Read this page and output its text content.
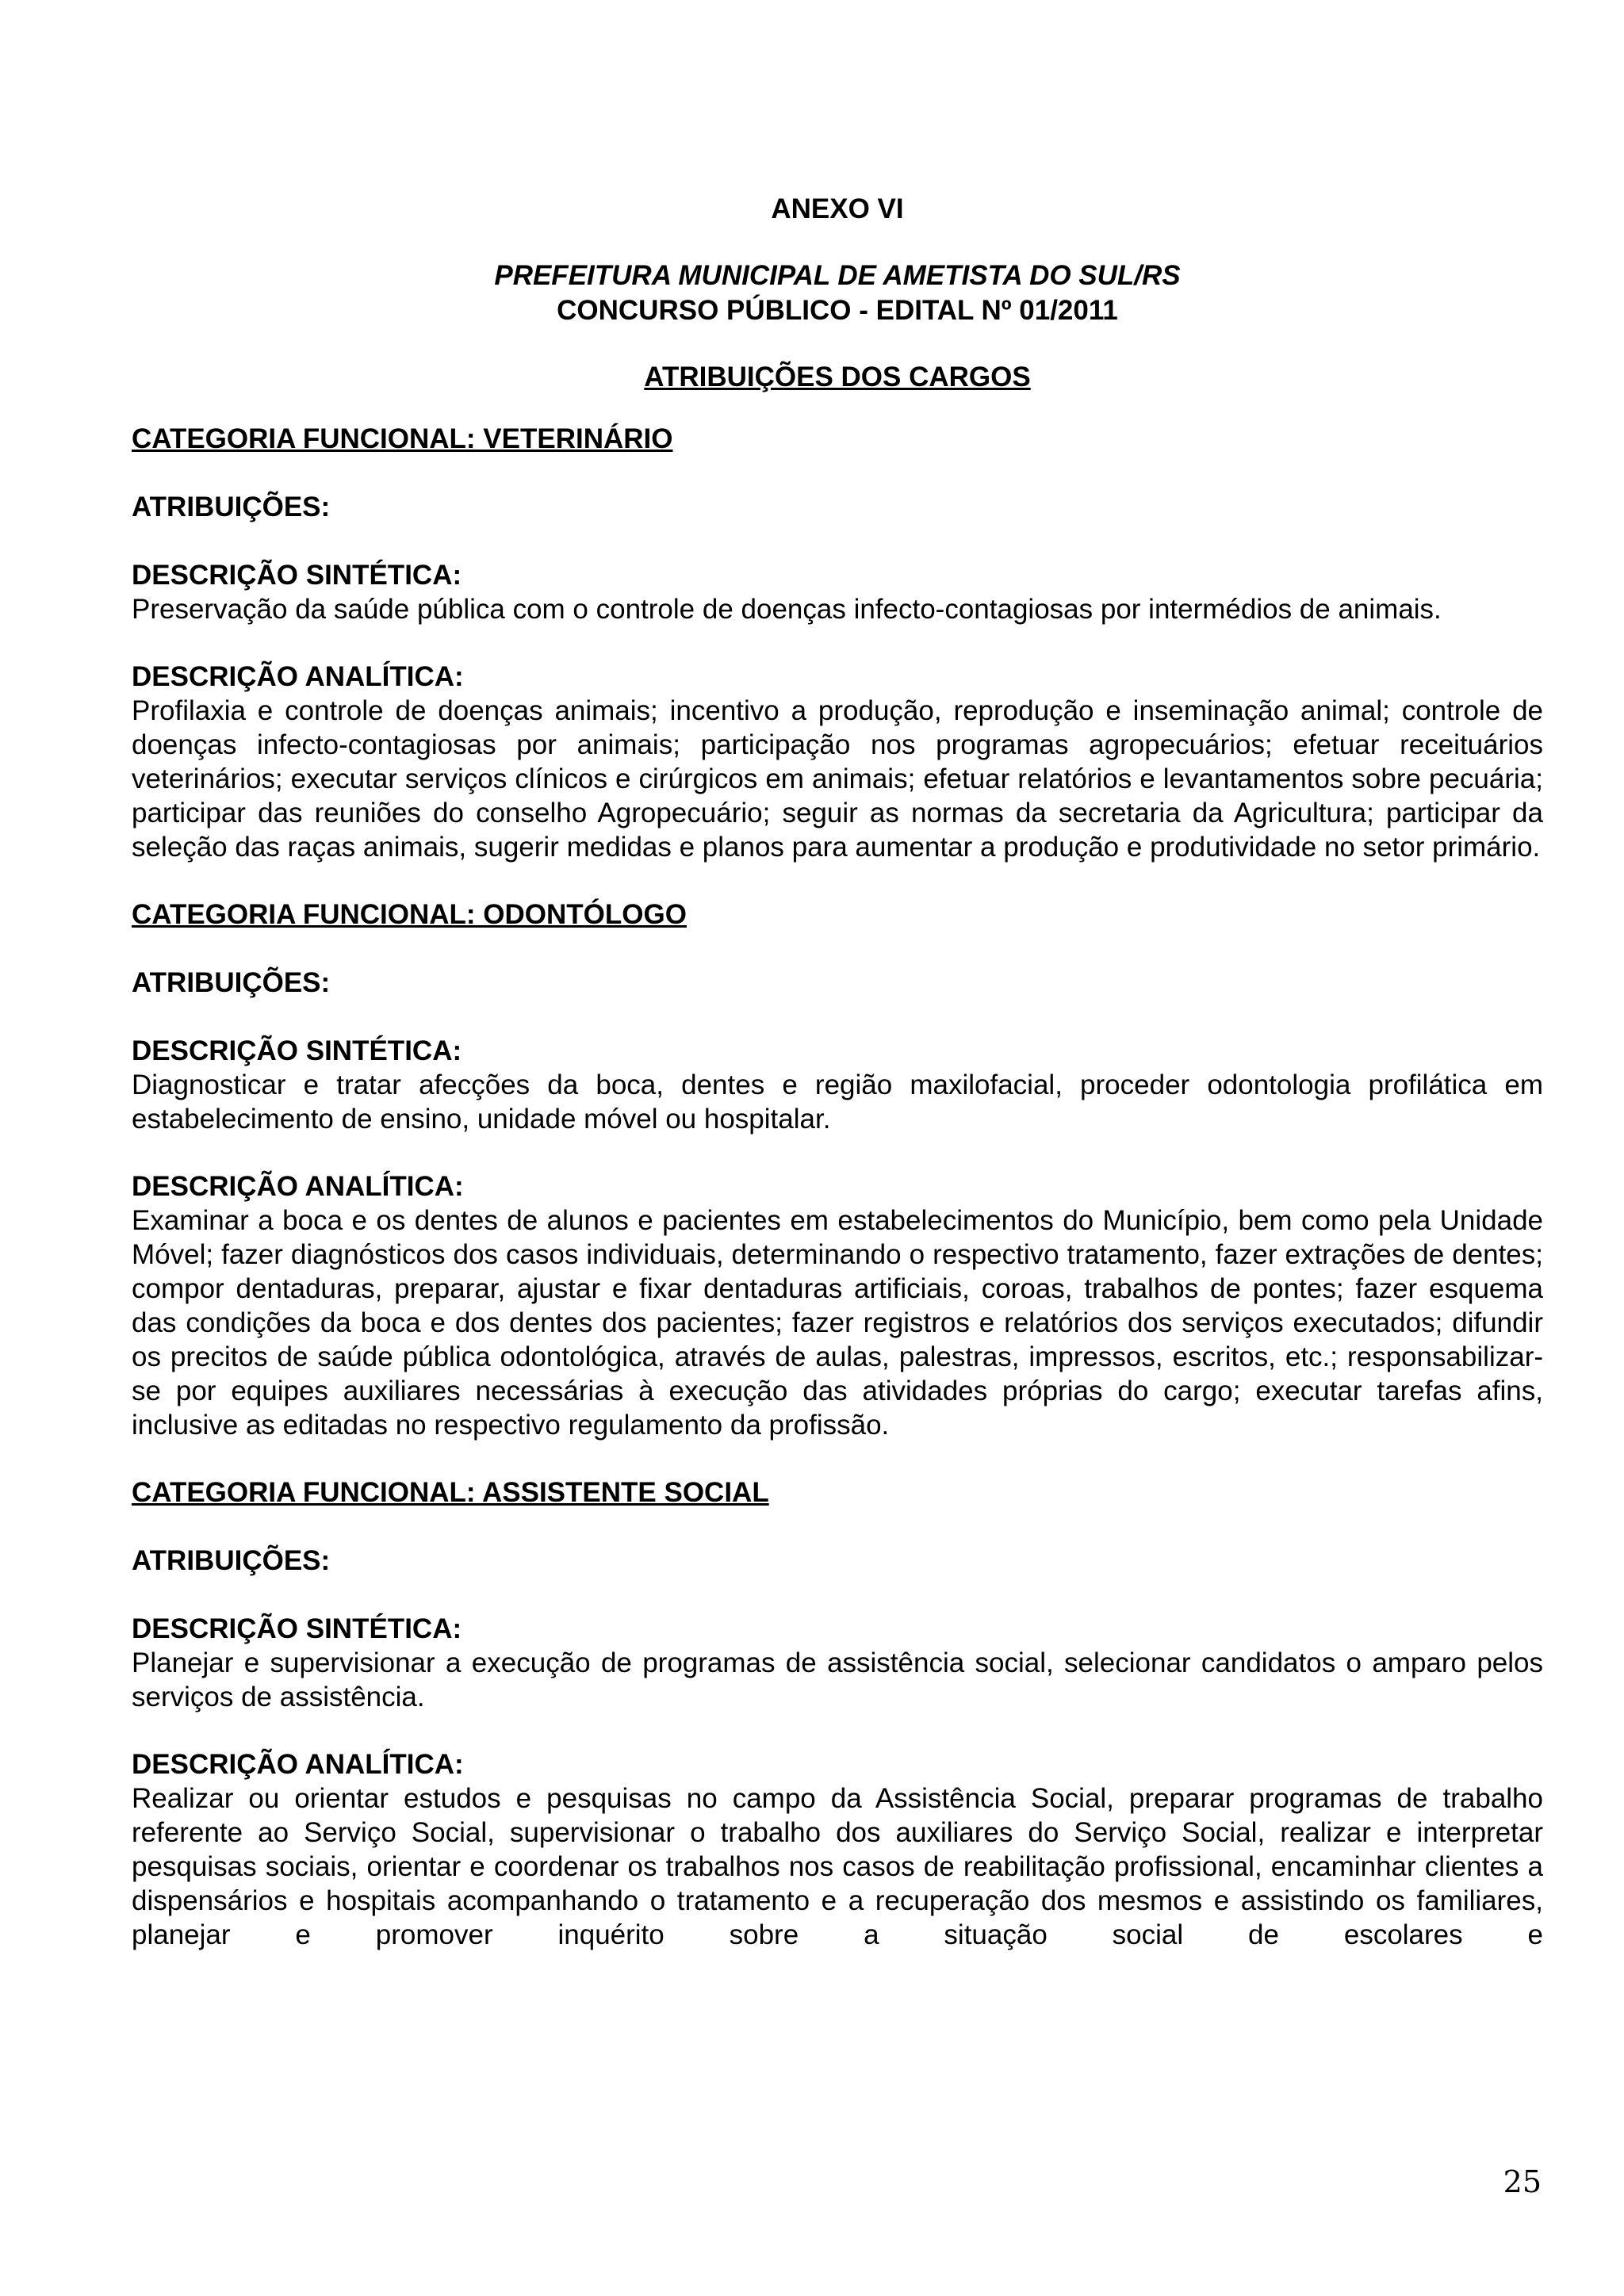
ANEXO VI
PREFEITURA MUNICIPAL DE AMETISTA DO SUL/RS
CONCURSO PÚBLICO - EDITAL Nº 01/2011
ATRIBUIÇÕES DOS CARGOS
CATEGORIA FUNCIONAL: VETERINÁRIO
ATRIBUIÇÕES:
DESCRIÇÃO SINTÉTICA:
Preservação da saúde pública com o controle de doenças infecto-contagiosas por intermédios de animais.
DESCRIÇÃO ANALÍTICA:
Profilaxia e controle de doenças animais; incentivo a produção, reprodução e inseminação animal; controle de doenças infecto-contagiosas por animais; participação nos programas agropecuários; efetuar receituários veterinários; executar serviços clínicos e cirúrgicos em animais; efetuar relatórios e levantamentos sobre pecuária; participar das reuniões do conselho Agropecuário; seguir as normas da secretaria da Agricultura; participar da seleção das raças animais, sugerir medidas e planos para aumentar a produção e produtividade no setor primário.
CATEGORIA FUNCIONAL: ODONTÓLOGO
ATRIBUIÇÕES:
DESCRIÇÃO SINTÉTICA:
Diagnosticar e tratar afecções da boca, dentes e região maxilofacial, proceder odontologia profilática em estabelecimento de ensino, unidade móvel ou hospitalar.
DESCRIÇÃO ANALÍTICA:
Examinar a boca e os dentes de alunos e pacientes em estabelecimentos do Município, bem como pela Unidade Móvel; fazer diagnósticos dos casos individuais, determinando o respectivo tratamento, fazer extrações de dentes; compor dentaduras, preparar, ajustar e fixar dentaduras artificiais, coroas, trabalhos de pontes; fazer esquema das condições da boca e dos dentes dos pacientes; fazer registros e relatórios dos serviços executados; difundir os precitos de saúde pública odontológica, através de aulas, palestras, impressos, escritos, etc.; responsabilizar-se por equipes auxiliares necessárias à execução das atividades próprias do cargo; executar tarefas afins, inclusive as editadas no respectivo regulamento da profissão.
CATEGORIA FUNCIONAL: ASSISTENTE SOCIAL
ATRIBUIÇÕES:
DESCRIÇÃO SINTÉTICA:
Planejar e supervisionar a execução de programas de assistência social, selecionar candidatos o amparo pelos serviços de assistência.
DESCRIÇÃO ANALÍTICA:
Realizar ou orientar estudos e pesquisas no campo da Assistência Social, preparar programas de trabalho referente ao Serviço Social, supervisionar o trabalho dos auxiliares do Serviço Social, realizar e interpretar pesquisas sociais, orientar e coordenar os trabalhos nos casos de reabilitação profissional, encaminhar clientes a dispensários e hospitais acompanhando o tratamento e a recuperação dos mesmos e assistindo os familiares, planejar e promover inquérito sobre a situação social de escolares e
25
